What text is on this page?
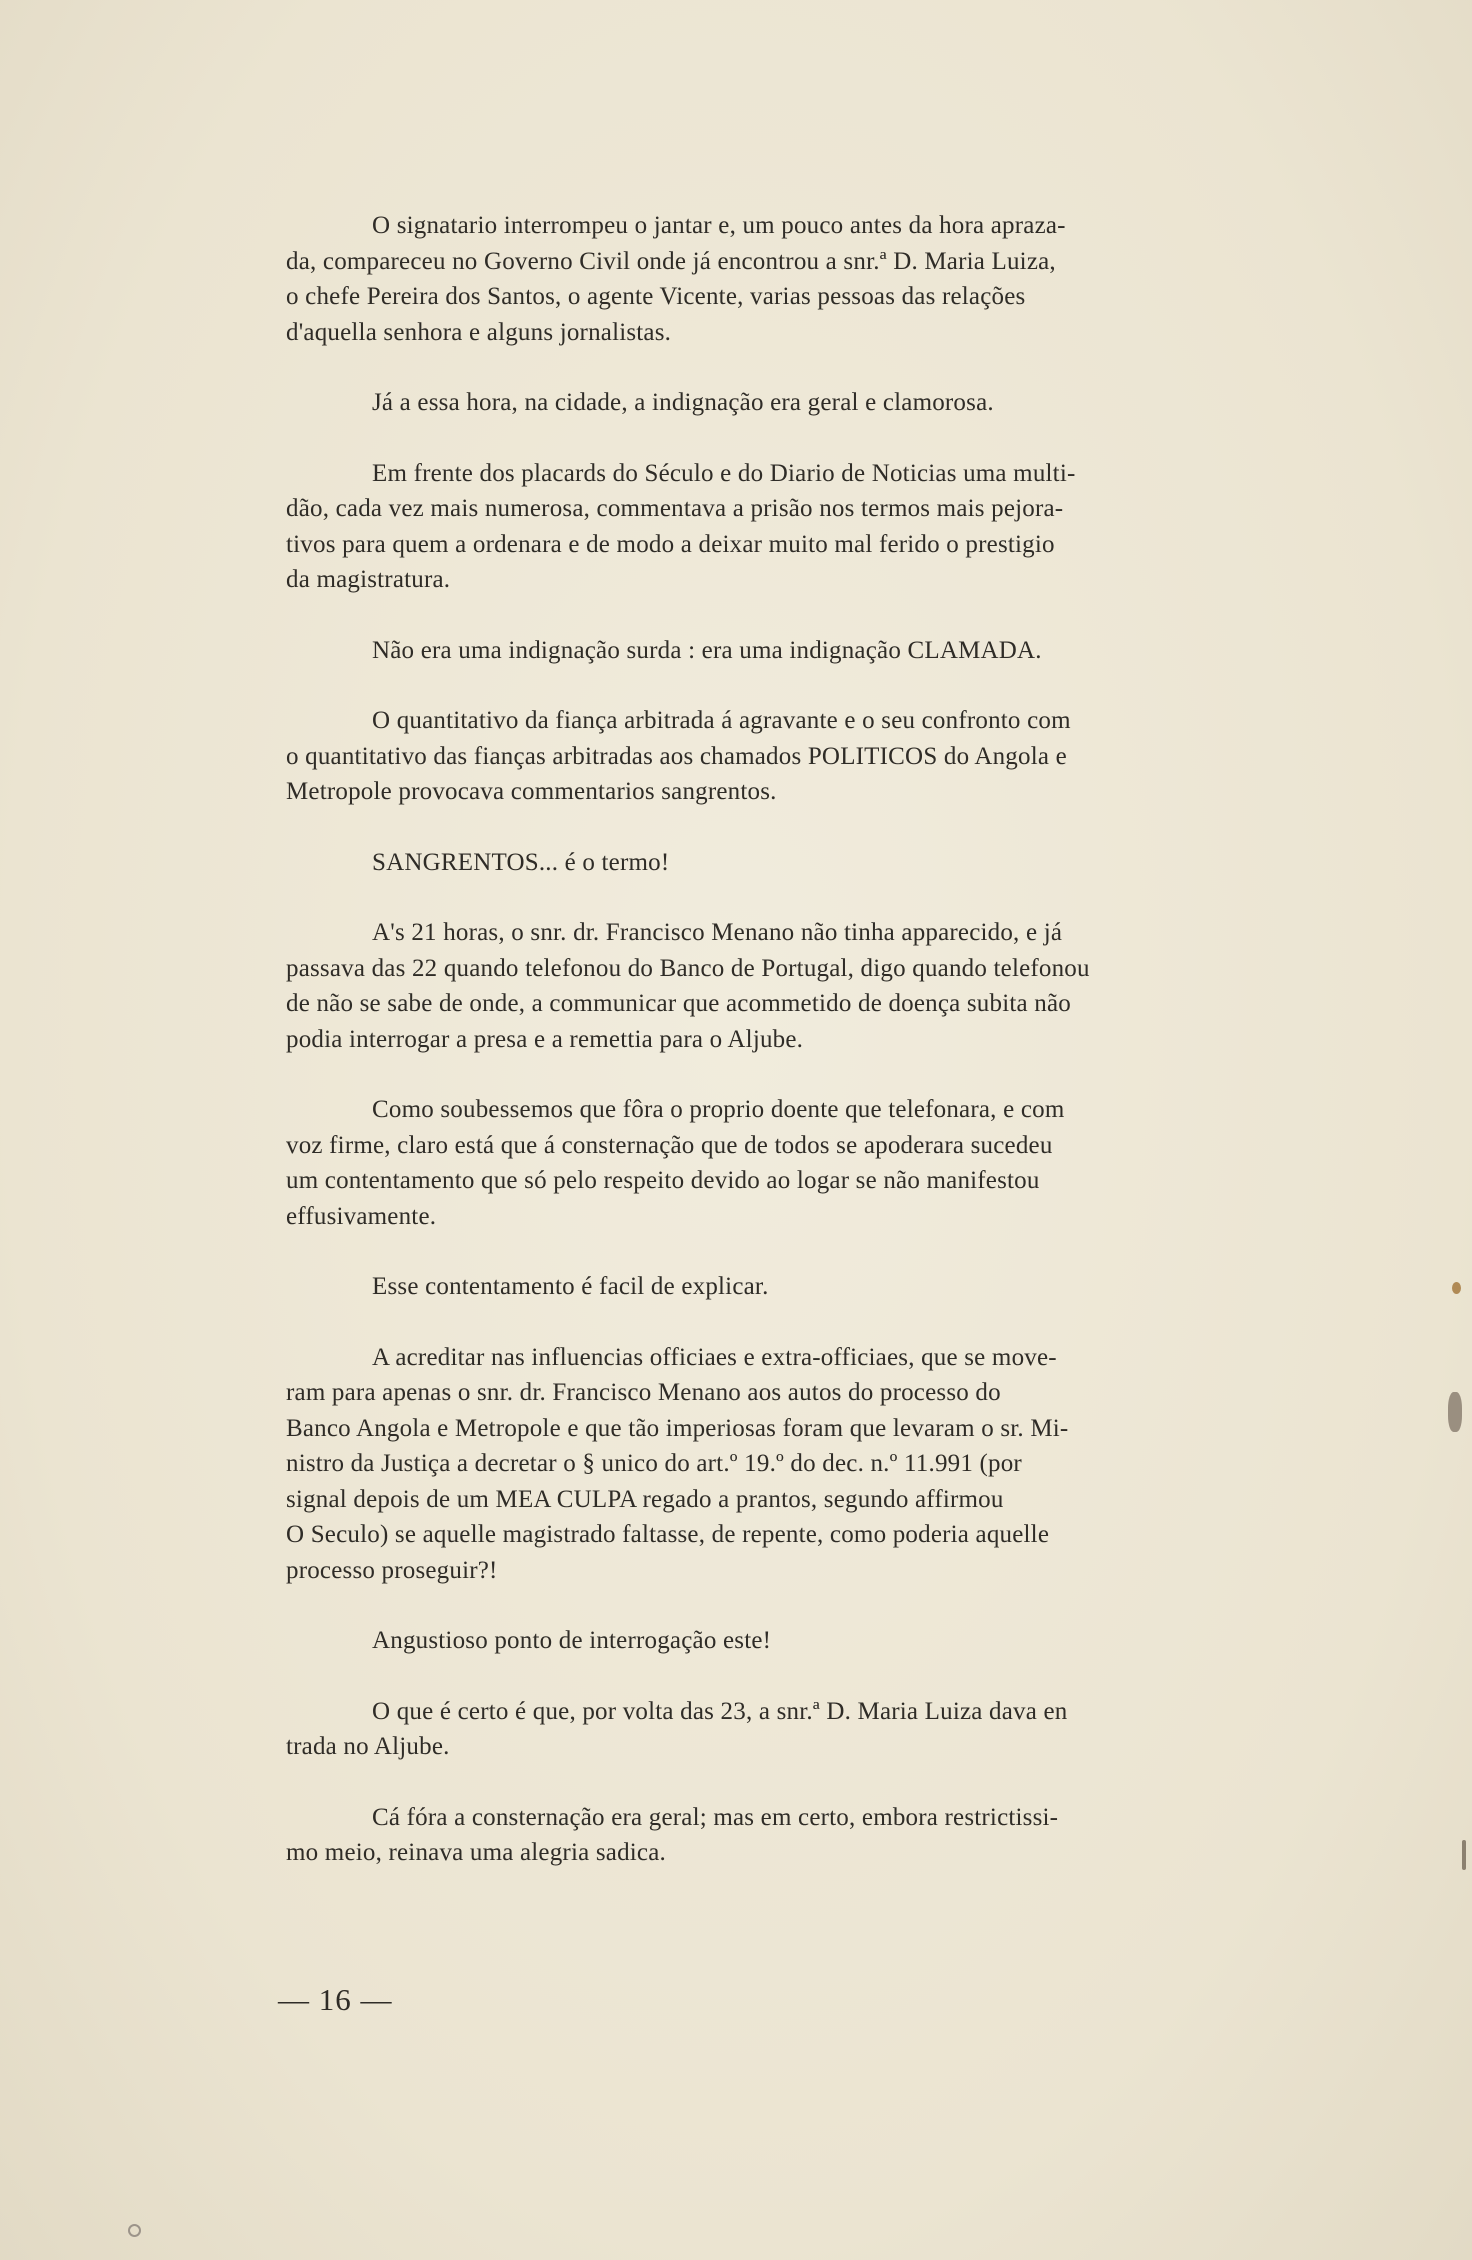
O signatario interrompeu o jantar e, um pouco antes da hora apraza-
da, compareceu no Governo Civil onde já encontrou a snr.ª D. Maria Luiza,
o chefe Pereira dos Santos, o agente Vicente, varias pessoas das relações
d'aquella senhora e alguns jornalistas.

Já a essa hora, na cidade, a indignação era geral e clamorosa.

Em frente dos placards do Século e do Diario de Noticias uma multi-
dão, cada vez mais numerosa, commentava a prisão nos termos mais pejora-
tivos para quem a ordenara e de modo a deixar muito mal ferido o prestigio
da magistratura.

Não era uma indignação surda : era uma indignação CLAMADA.

O quantitativo da fiança arbitrada á agravante e o seu confronto com
o quantitativo das fianças arbitradas aos chamados POLITICOS do Angola e
Metropole provocava commentarios sangrentos.

SANGRENTOS... é o termo!

A's 21 horas, o snr. dr. Francisco Menano não tinha apparecido, e já
passava das 22 quando telefonou do Banco de Portugal, digo quando telefonou
de não se sabe de onde, a communicar que acommetido de doença subita não
podia interrogar a presa e a remettia para o Aljube.

Como soubessemos que fôra o proprio doente que telefonara, e com
voz firme, claro está que á consternação que de todos se apoderara sucedeu
um contentamento que só pelo respeito devido ao logar se não manifestou
effusivamente.

Esse contentamento é facil de explicar.

A acreditar nas influencias officiaes e extra-officiaes, que se move-
ram para apenas o snr. dr. Francisco Menano aos autos do processo do
Banco Angola e Metropole e que tão imperiosas foram que levaram o sr. Mi-
nistro da Justiça a decretar o § unico do art.º 19.º do dec. n.º 11.991 (por
signal depois de um MEA CULPA regado a prantos, segundo affirmou
O Seculo) se aquelle magistrado faltasse, de repente, como poderia aquelle
processo proseguir?!

Angustioso ponto de interrogação este!

O que é certo é que, por volta das 23, a snr.ª D. Maria Luiza dava en
trada no Aljube.

Cá fóra a consternação era geral; mas em certo, embora restrictissi-
mo meio, reinava uma alegria sadica.

— 16 —
